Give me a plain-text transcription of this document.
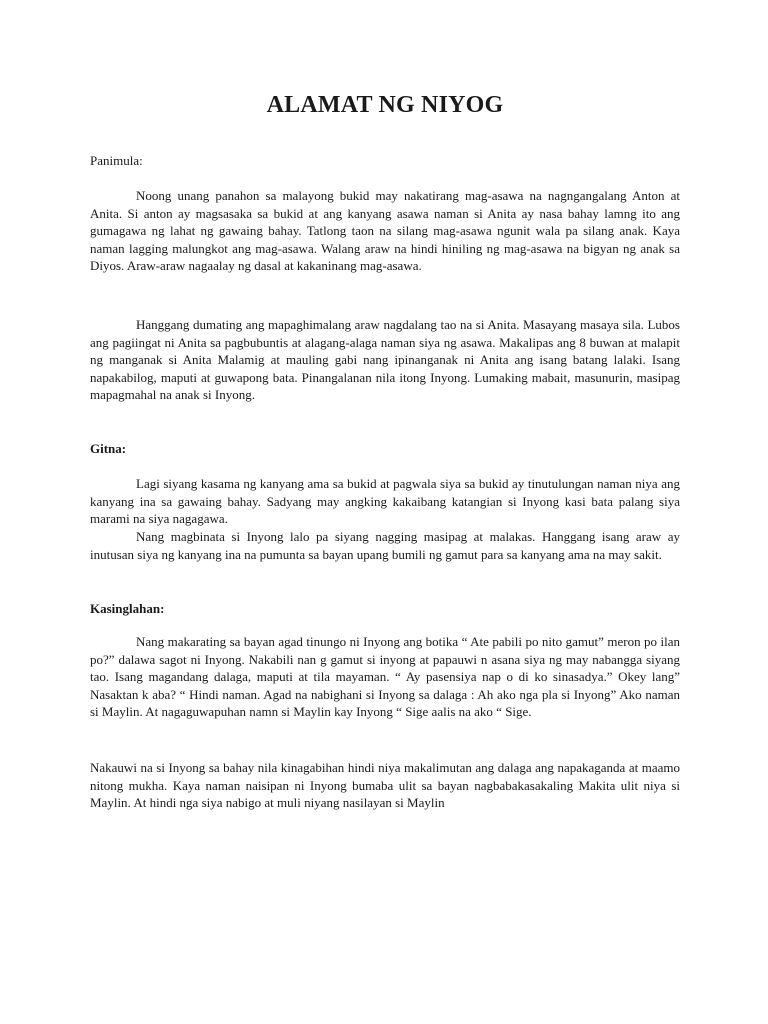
ALAMAT NG NIYOG

Panimula:

Noong unang panahon sa malayong bukid may nakatirang mag-asawa na nagngangalang Anton at Anita. Si anton ay magsasaka sa bukid at ang kanyang asawa naman si Anita ay nasa bahay lamng ito ang gumagawa ng lahat ng gawaing bahay. Tatlong taon na silang mag-asawa ngunit wala pa silang anak. Kaya naman lagging malungkot ang mag-asawa. Walang araw na hindi hiniling ng mag-asawa na bigyan ng anak sa Diyos. Araw-araw nagaalay ng dasal at kakaninang mag-asawa.

Hanggang dumating ang mapaghimalang araw nagdalang tao na si Anita. Masayang masaya sila. Lubos ang pagiingat ni Anita sa pagbubuntis at alagang-alaga naman siya ng asawa. Makalipas ang 8 buwan at malapit ng manganak si Anita Malamig at mauling gabi nang ipinanganak ni Anita ang isang batang lalaki. Isang napakabilog, maputi at guwapong bata. Pinangalanan nila itong Inyong. Lumaking mabait, masunurin, masipag mapagmahal na anak si Inyong.

Gitna:

Lagi siyang kasama ng kanyang ama sa bukid at pagwala siya sa bukid ay tinutulungan naman niya ang kanyang ina sa gawaing bahay. Sadyang may angking kakaibang katangian si Inyong kasi bata palang siya marami na siya nagagawa.

Nang magbinata si Inyong lalo pa siyang nagging masipag at malakas. Hanggang isang araw ay inutusan siya ng kanyang ina na pumunta sa bayan upang bumili ng gamut para sa kanyang ama na may sakit.

Kasinglahan:

Nang makarating sa bayan agad tinungo ni Inyong ang botika “ Ate pabili po nito gamut” meron po ilan po?” dalawa sagot ni Inyong. Nakabili nan g gamut si inyong at papauwi n asana siya ng may nabangga siyang tao. Isang magandang dalaga, maputi at tila mayaman. “ Ay pasensiya nap o di ko sinasadya.” Okey lang” Nasaktan k aba? “ Hindi naman. Agad na nabighani si Inyong sa dalaga : Ah ako nga pla si Inyong” Ako naman si Maylin. At nagaguwapuhan namn si Maylin kay Inyong “ Sige aalis na ako “ Sige.

Nakauwi na si Inyong sa bahay nila kinagabihan hindi niya makalimutan ang dalaga ang napakaganda at maamo nitong mukha. Kaya naman naisipan ni Inyong bumaba ulit sa bayan nagbabakasakaling Makita ulit niya si Maylin. At hindi nga siya nabigo at muli niyang nasilayan si Maylin
